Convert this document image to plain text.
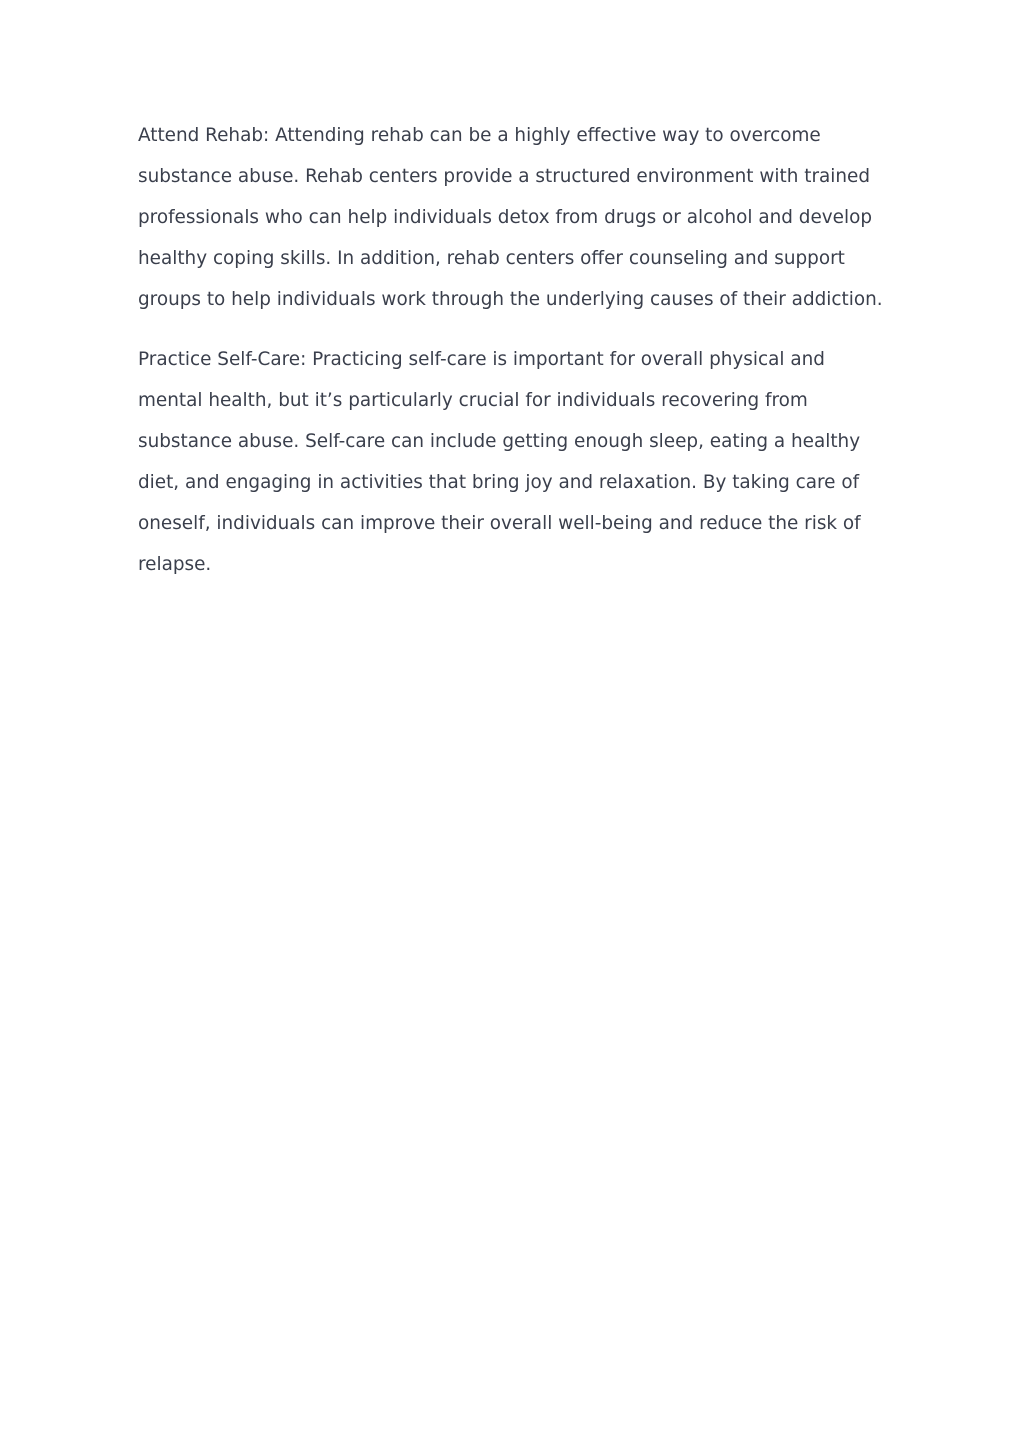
Attend Rehab: Attending rehab can be a highly effective way to overcome substance abuse. Rehab centers provide a structured environment with trained professionals who can help individuals detox from drugs or alcohol and develop healthy coping skills. In addition, rehab centers offer counseling and support groups to help individuals work through the underlying causes of their addiction.

Practice Self-Care: Practicing self-care is important for overall physical and mental health, but it’s particularly crucial for individuals recovering from substance abuse. Self-care can include getting enough sleep, eating a healthy diet, and engaging in activities that bring joy and relaxation. By taking care of oneself, individuals can improve their overall well-being and reduce the risk of relapse.
